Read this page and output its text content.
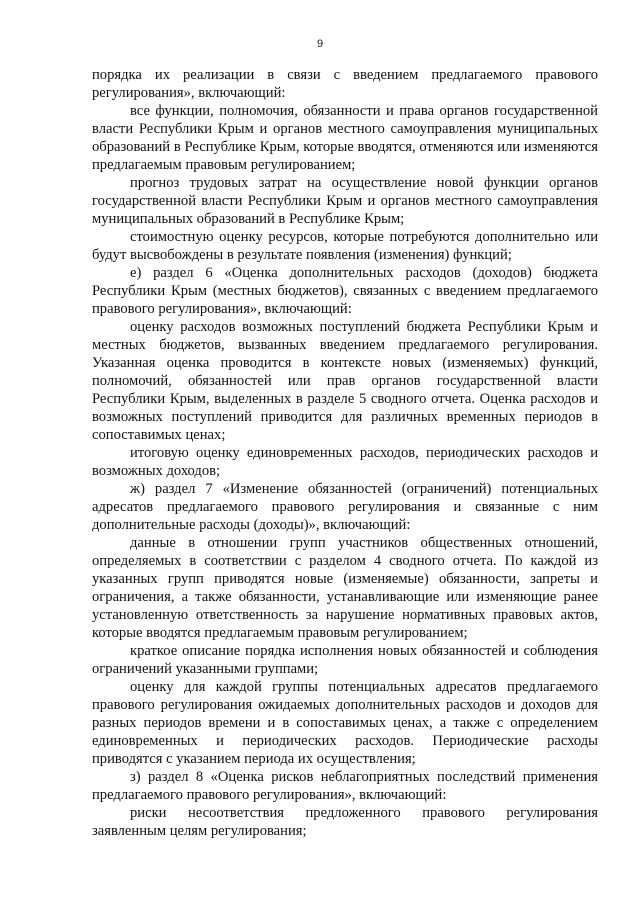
9

порядка их реализации в связи с введением предлагаемого правового регулирования», включающий:

все функции, полномочия, обязанности и права органов государственной власти Республики Крым и органов местного самоуправления муниципальных образований в Республике Крым, которые вводятся, отменяются или изменяются предлагаемым правовым регулированием;

прогноз трудовых затрат на осуществление новой функции органов государственной власти Республики Крым и органов местного самоуправления муниципальных образований в Республике Крым;

стоимостную оценку ресурсов, которые потребуются дополнительно или будут высвобождены в результате появления (изменения) функций;

е) раздел 6 «Оценка дополнительных расходов (доходов) бюджета Республики Крым (местных бюджетов), связанных с введением предлагаемого правового регулирования», включающий:

оценку расходов возможных поступлений бюджета Республики Крым и местных бюджетов, вызванных введением предлагаемого регулирования. Указанная оценка проводится в контексте новых (изменяемых) функций, полномочий, обязанностей или прав органов государственной власти Республики Крым, выделенных в разделе 5 сводного отчета. Оценка расходов и возможных поступлений приводится для различных временных периодов в сопоставимых ценах;

итоговую оценку единовременных расходов, периодических расходов и возможных доходов;

ж) раздел 7 «Изменение обязанностей (ограничений) потенциальных адресатов предлагаемого правового регулирования и связанные с ним дополнительные расходы (доходы)», включающий:

данные в отношении групп участников общественных отношений, определяемых в соответствии с разделом 4 сводного отчета. По каждой из указанных групп приводятся новые (изменяемые) обязанности, запреты и ограничения, а также обязанности, устанавливающие или изменяющие ранее установленную ответственность за нарушение нормативных правовых актов, которые вводятся предлагаемым правовым регулированием;

краткое описание порядка исполнения новых обязанностей и соблюдения ограничений указанными группами;

оценку для каждой группы потенциальных адресатов предлагаемого правового регулирования ожидаемых дополнительных расходов и доходов для разных периодов времени и в сопоставимых ценах, а также с определением единовременных и периодических расходов. Периодические расходы приводятся с указанием периода их осуществления;

з) раздел 8 «Оценка рисков неблагоприятных последствий применения предлагаемого правового регулирования», включающий:

риски несоответствия предложенного правового регулирования заявленным целям регулирования;
